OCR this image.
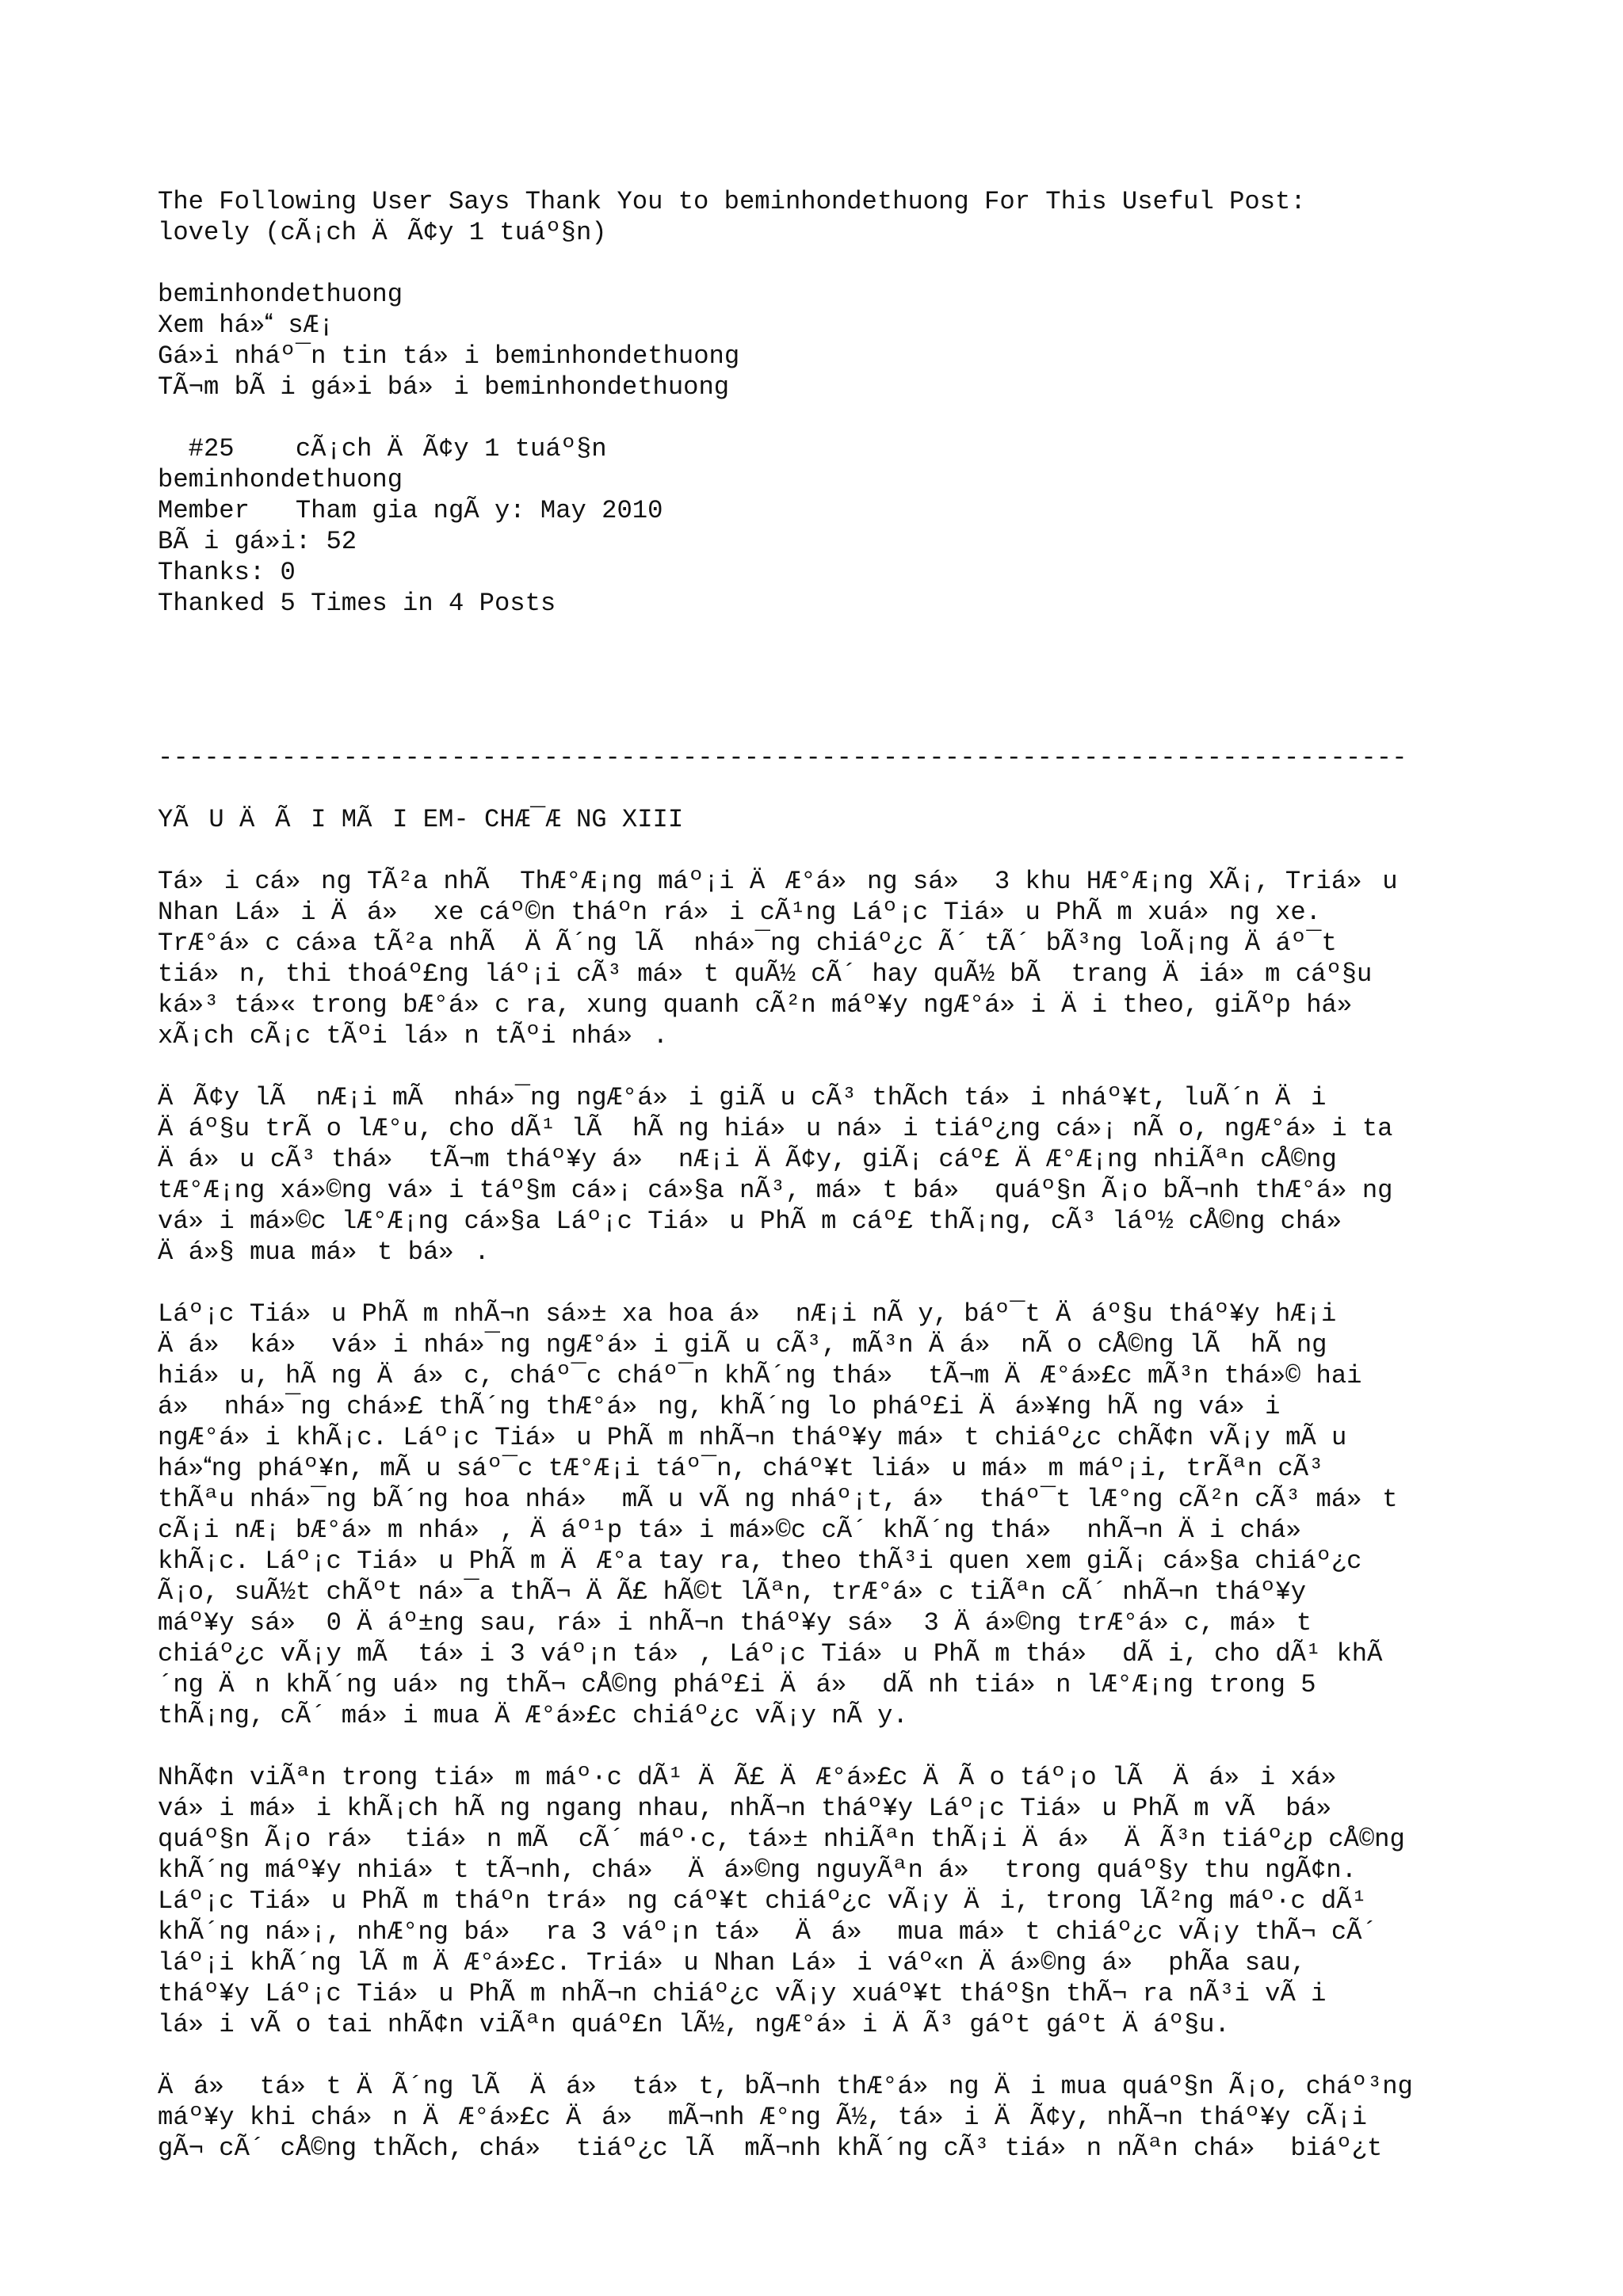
The Following User Says Thank You to beminhondethuong For This Useful Post:
lovely (cÃ¡ch ÄÃ¢y 1 tuáº§n)
beminhondethuong
Xem há» sÆ¡
Gá»i nháº¯n tin tá»i beminhondethuong
TÃ¬m bÃ i gá»i bá»i beminhondethuong
#25    cÃ¡ch ÄÃ¢y 1 tuáº§n
beminhondethuong
Member   Tham gia ngÃ y: May 2010
BÃ i gá»i: 52
Thanks: 0
Thanked 5 Times in 4 Posts
---------------------------------------------------------------------------------
YÃU ÄÃI MÃI EM- CHÆ¯Æ NG XIII
Tá»i cá»ng TÃ²a nhÃ  ThÆ°Æ¡ng máº¡i ÄÆ°á»ng sá» 3 khu HÆ°Æ¡ng XÃ¡, Triá»u
Nhan Lá»i Äá» xe cáº©n tháºn rá»i cÃ¹ng Láº¡c Tiá»u PhÃ m xuá»ng xe.
TrÆ°á»c cá»a tÃ²a nhÃ  ÄÃ´ng lÃ  nhá»¯ng chiáº¿c Ã´ tÃ´ bÃ³ng loÃ¡ng Äáº¯t
tiá»n, thi thoáº£ng láº¡i cÃ³ má»t quÃ½ cÃ´ hay quÃ½ bÃ  trang Äiá»m cáº§u
ká»³ tá»« trong bÆ°á»c ra, xung quanh cÃ²n máº¥y ngÆ°á»i Äi theo, giÃºp há»
xÃ¡ch cÃ¡c tÃºi lá»n tÃºi nhá».
ÄÃ¢y lÃ  nÆ¡i mÃ  nhá»¯ng ngÆ°á»i giÃ u cÃ³ thÃch tá»i nháº¥t, luÃ´n Äi
Äáº§u trÃ o lÆ°u, cho dÃ¹ lÃ  hÃ ng hiá»u ná»i tiáº¿ng cá»¡ nÃ o, ngÆ°á»i ta
Äá»u cÃ³ thá» tÃ¬m tháº¥y á» nÆ¡i ÄÃ¢y, giÃ¡ cáº£ ÄÆ°Æ¡ng nhiÃªn cÅ©ng
tÆ°Æ¡ng xá»©ng vá»i táº§m cá»¡ cá»§a nÃ³, má»t bá» quáº§n Ã¡o bÃ¬nh thÆ°á»ng
vá»i má»©c lÆ°Æ¡ng cá»§a Láº¡c Tiá»u PhÃ m cáº£ thÃ¡ng, cÃ³ láº½ cÅ©ng chá»
Äá»§ mua má»t bá».
Láº¡c Tiá»u PhÃ m nhÃ¬n sá»± xa hoa á» nÆ¡i nÃ y, báº¯t Äáº§u tháº¥y hÆ¡i
Äá» ká» vá»i nhá»¯ng ngÆ°á»i giÃ u cÃ³, mÃ³n Äá» nÃ o cÅ©ng lÃ  hÃ ng
hiá»u, hÃ ng Äá»c, cháº¯c cháº¯n khÃ´ng thá» tÃ¬m ÄÆ°á»£c mÃ³n thá»© hai
á» nhá»¯ng chá»£ thÃ´ng thÆ°á»ng, khÃ´ng lo pháº£i Äá»¥ng hÃ ng vá»i
ngÆ°á»i khÃ¡c. Láº¡c Tiá»u PhÃ m nhÃ¬n tháº¥y má»t chiáº¿c chÃ¢n vÃ¡y mÃ u
há»ng pháº¥n, mÃ u sáº¯c tÆ°Æ¡i táº¯n, cháº¥t liá»u má»m máº¡i, trÃªn cÃ³
thÃªu nhá»¯ng bÃ´ng hoa nhá» mÃ u vÃ ng nháº¡t, á» tháº¯t lÆ°ng cÃ²n cÃ³ má»t
cÃ¡i nÆ¡ bÆ°á»m nhá», Äáº¹p tá»i má»©c cÃ´ khÃ´ng thá» nhÃ¬n Äi chá»
khÃ¡c. Láº¡c Tiá»u PhÃ m ÄÆ°a tay ra, theo thÃ³i quen xem giÃ¡ cá»§a chiáº¿c
Ã¡o, suÃ½t chÃºt ná»¯a thÃ¬ ÄÃ£ hÃ©t lÃªn, trÆ°á»c tiÃªn cÃ´ nhÃ¬n tháº¥y
máº¥y sá» 0 Äáº±ng sau, rá»i nhÃ¬n tháº¥y sá» 3 Äá»©ng trÆ°á»c, má»t
chiáº¿c vÃ¡y mÃ  tá»i 3 váº¡n tá», Láº¡c Tiá»u PhÃ m thá» dÃ i, cho dÃ¹ khÃ
´ng Än khÃ´ng uá»ng thÃ¬ cÅ©ng pháº£i Äá» dÃ nh tiá»n lÆ°Æ¡ng trong 5
thÃ¡ng, cÃ´ má»i mua ÄÆ°á»£c chiáº¿c vÃ¡y nÃ y.
NhÃ¢n viÃªn trong tiá»m máº·c dÃ¹ ÄÃ£ ÄÆ°á»£c ÄÃ o táº¡o lÃ  Äá»i xá»
vá»i má»i khÃ¡ch hÃ ng ngang nhau, nhÃ¬n tháº¥y Láº¡c Tiá»u PhÃ m vÃ  bá»
quáº§n Ã¡o rá» tiá»n mÃ  cÃ´ máº·c, tá»± nhiÃªn thÃ¡i Äá» ÄÃ³n tiáº¿p cÅ©ng
khÃ´ng máº¥y nhiá»t tÃ¬nh, chá» Äá»©ng nguyÃªn á» trong quáº§y thu ngÃ¢n.
Láº¡c Tiá»u PhÃ m tháºn trá»ng cáº¥t chiáº¿c vÃ¡y Äi, trong lÃ²ng máº·c dÃ¹
khÃ´ng ná»¡, nhÆ°ng bá» ra 3 váº¡n tá» Äá» mua má»t chiáº¿c vÃ¡y thÃ¬ cÃ´
láº¡i khÃ´ng lÃ m ÄÆ°á»£c. Triá»u Nhan Lá»i váº«n Äá»©ng á» phÃa sau,
tháº¥y Láº¡c Tiá»u PhÃ m nhÃ¬n chiáº¿c vÃ¡y xuáº¥t tháº§n thÃ¬ ra nÃ³i vÃ i
lá»i vÃ o tai nhÃ¢n viÃªn quáº£n lÃ½, ngÆ°á»i ÄÃ³ gáºt gáºt Äáº§u.
Äá» tá»t ÄÃ´ng lÃ  Äá» tá»t, bÃ¬nh thÆ°á»ng Äi mua quáº§n Ã¡o, cháº³ng
máº¥y khi chá»n ÄÆ°á»£c Äá» mÃ¬nh Æ°ng Ã½, tá»i ÄÃ¢y, nhÃ¬n tháº¥y cÃ¡i
gÃ¬ cÃ´ cÅ©ng thÃch, chá» tiáº¿c lÃ  mÃ¬nh khÃ´ng cÃ³ tiá»n nÃªn chá» biáº¿t
